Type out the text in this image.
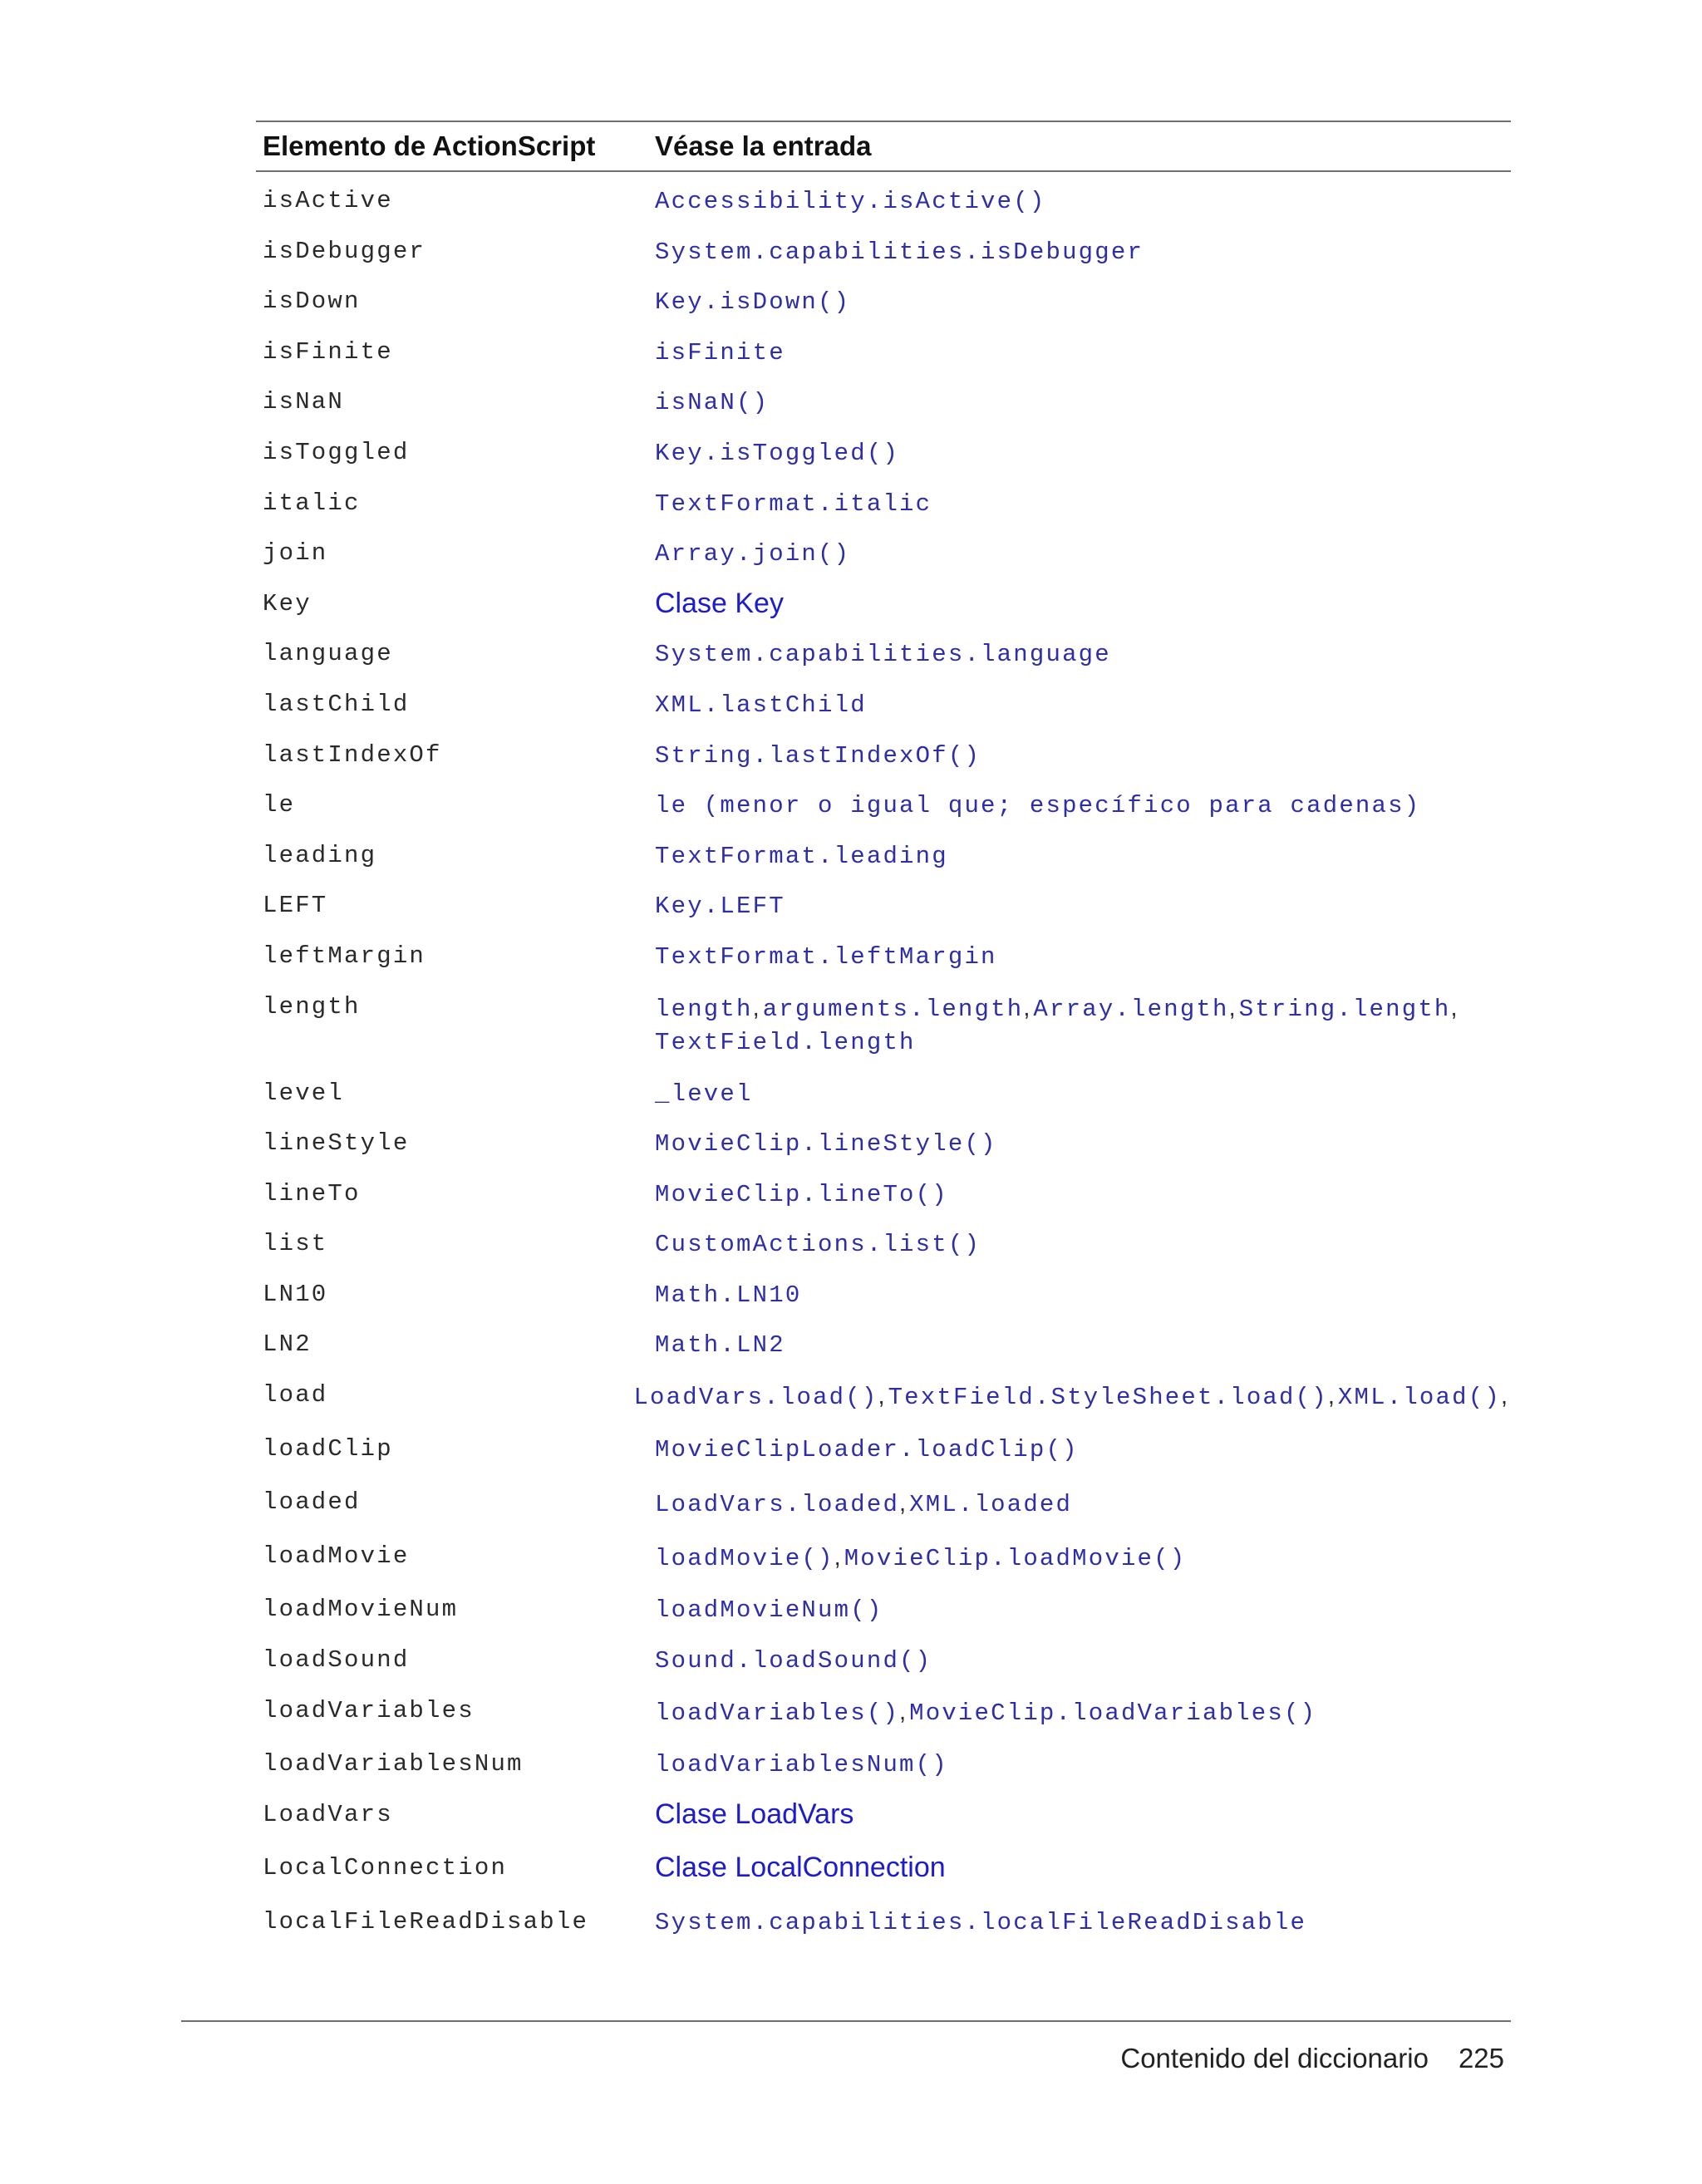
Elemento de ActionScript	Véase la entrada
isActive	Accessibility.isActive()
isDebugger	System.capabilities.isDebugger
isDown	Key.isDown()
isFinite	isFinite
isNaN	isNaN()
isToggled	Key.isToggled()
italic	TextFormat.italic
join	Array.join()
Key	Clase Key
language	System.capabilities.language
lastChild	XML.lastChild
lastIndexOf	String.lastIndexOf()
le	le (menor o igual que; específico para cadenas)
leading	TextFormat.leading
LEFT	Key.LEFT
leftMargin	TextFormat.leftMargin
length	length, arguments.length, Array.length, String.length,
TextField.length
level	_level
lineStyle	MovieClip.lineStyle()
lineTo	MovieClip.lineTo()
list	CustomActions.list()
LN10	Math.LN10
LN2	Math.LN2
load	LoadVars.load(), TextField.StyleSheet.load(), XML.load(),
loadClip	MovieClipLoader.loadClip()
loaded	LoadVars.loaded, XML.loaded
loadMovie	loadMovie(), MovieClip.loadMovie()
loadMovieNum	loadMovieNum()
loadSound	Sound.loadSound()
loadVariables	loadVariables(), MovieClip.loadVariables()
loadVariablesNum	loadVariablesNum()
LoadVars	Clase LoadVars
LocalConnection	Clase LocalConnection
localFileReadDisable	System.capabilities.localFileReadDisable
Contenido del diccionario 225
